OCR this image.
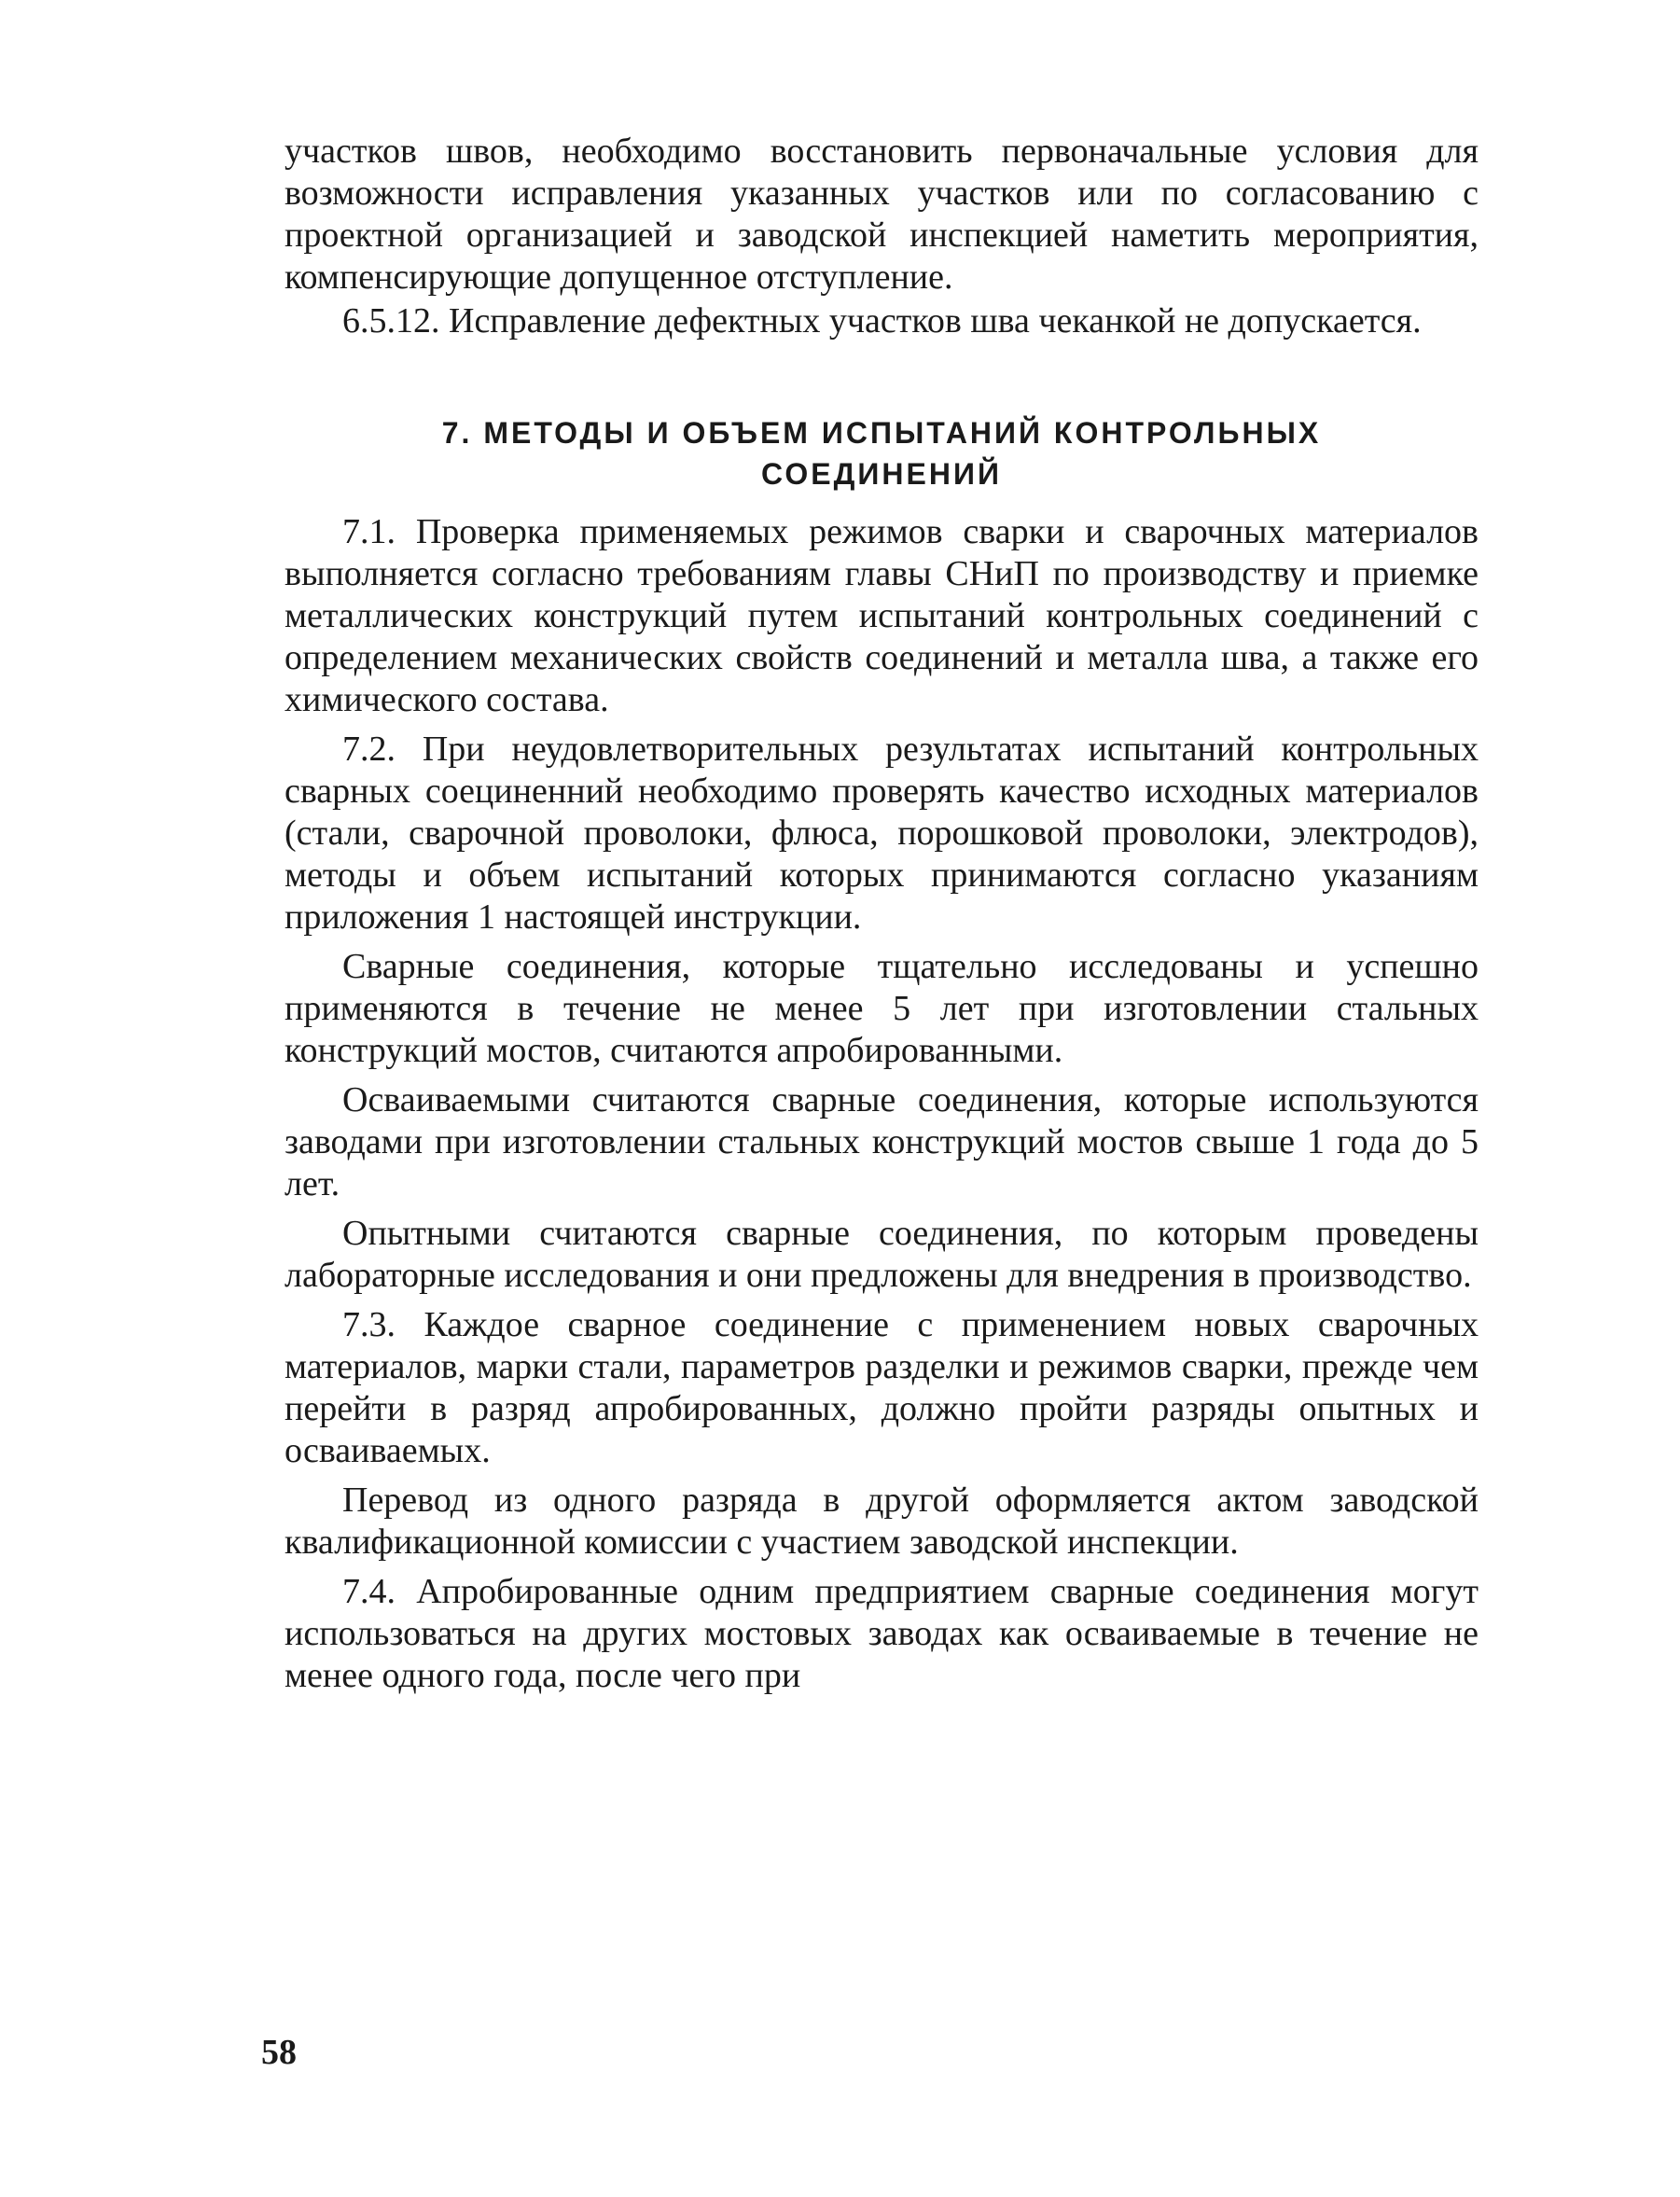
участков швов, необходимо восстановить первоначальные условия для возможности исправления указанных участков или по согласованию с проектной организацией и заводской инспекцией наметить мероприятия, компенсирующие допущенное отступление.

6.5.12. Исправление дефектных участков шва чеканкой не допускается.

7. МЕТОДЫ И ОБЪЕМ ИСПЫТАНИЙ КОНТРОЛЬНЫХ
СОЕДИНЕНИЙ

7.1. Проверка применяемых режимов сварки и сварочных материалов выполняется согласно требованиям главы СНиП по производству и приемке металлических конструкций путем испытаний контрольных соединений с определением механических свойств соединений и металла шва, а также его химического состава.

7.2. При неудовлетворительных результатах испытаний контрольных сварных соециненний необходимо проверять качество исходных материалов (стали, сварочной проволоки, флюса, порошковой проволоки, электродов), методы и объем испытаний которых принимаются согласно указаниям приложения 1 настоящей инструкции.

Сварные соединения, которые тщательно исследованы и успешно применяются в течение не менее 5 лет при изготовлении стальных конструкций мостов, считаются апробированными.

Осваиваемыми считаются сварные соединения, которые используются заводами при изготовлении стальных конструкций мостов свыше 1 года до 5 лет.

Опытными считаются сварные соединения, по которым проведены лабораторные исследования и они предложены для внедрения в производство.

7.3. Каждое сварное соединение с применением новых сварочных материалов, марки стали, параметров разделки и режимов сварки, прежде чем перейти в разряд апробированных, должно пройти разряды опытных и осваиваемых.

Перевод из одного разряда в другой оформляется актом заводской квалификационной комиссии с участием заводской инспекции.

7.4. Апробированные одним предприятием сварные соединения могут использоваться на других мостовых заводах как осваиваемые в течение не менее одного года, после чего при

58
